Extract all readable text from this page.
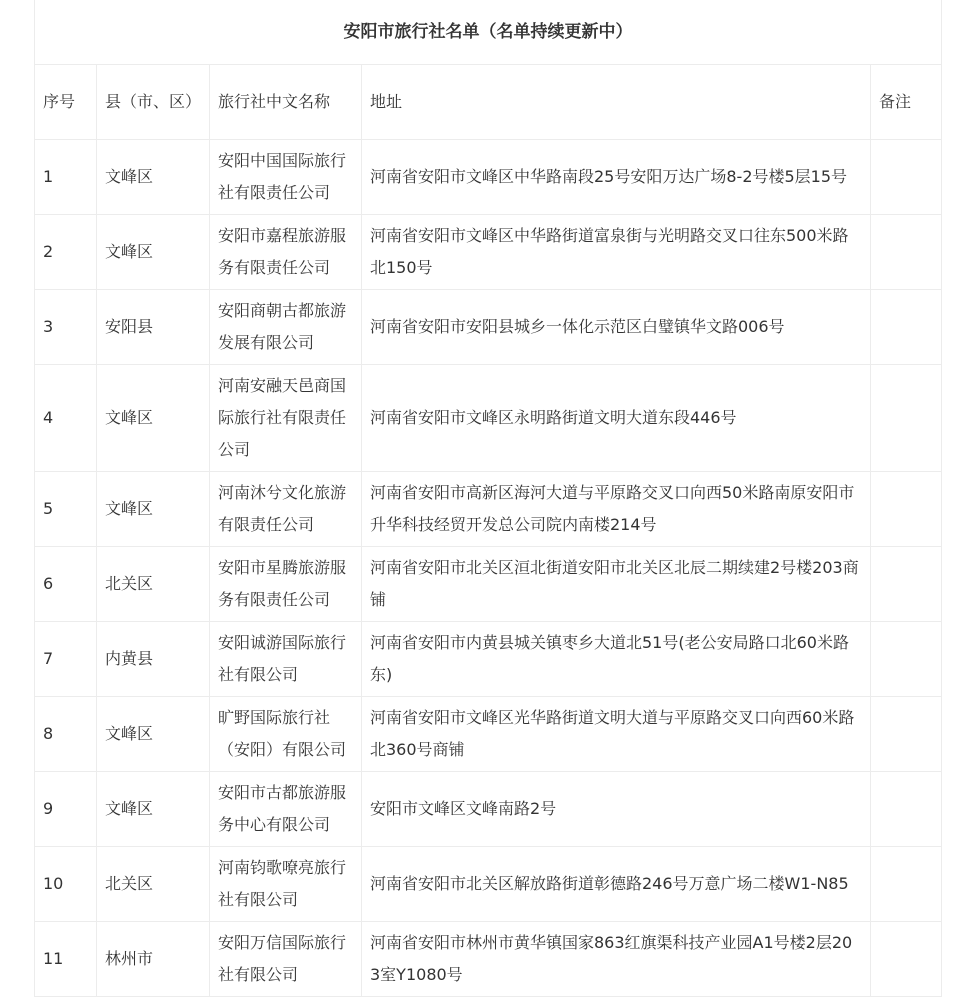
安阳市旅行社名单（名单持续更新中）				
序号	县（市、区）	旅行社中文名称	地址	备注
1	文峰区	安阳中国国际旅行社有限责任公司	河南省安阳市文峰区中华路南段25号安阳万达广场8-2号楼5层15号	
2	文峰区	安阳市嘉程旅游服务有限责任公司	河南省安阳市文峰区中华路街道富泉街与光明路交叉口往东500米路北150号	
3	安阳县	安阳商朝古都旅游发展有限公司	河南省安阳市安阳县城乡一体化示范区白璧镇华文路006号	
4	文峰区	河南安融天邑商国际旅行社有限责任公司	河南省安阳市文峰区永明路街道文明大道东段446号	
5	文峰区	河南沐兮文化旅游有限责任公司	河南省安阳市高新区海河大道与平原路交叉口向西50米路南原安阳市升华科技经贸开发总公司院内南楼214号	
6	北关区	安阳市星腾旅游服务有限责任公司	河南省安阳市北关区洹北街道安阳市北关区北辰二期续建2号楼203商铺	
7	内黄县	安阳诚游国际旅行社有限公司	河南省安阳市内黄县城关镇枣乡大道北51号(老公安局路口北60米路东)	
8	文峰区	旷野国际旅行社（安阳）有限公司	河南省安阳市文峰区光华路街道文明大道与平原路交叉口向西60米路北360号商铺	
9	文峰区	安阳市古都旅游服务中心有限公司	安阳市文峰区文峰南路2号	
10	北关区	河南钧歌嘹亮旅行社有限公司	河南省安阳市北关区解放路街道彰德路246号万意广场二楼W1-N85	
11	林州市	安阳万信国际旅行社有限公司	河南省安阳市林州市黄华镇国家863红旗渠科技产业园A1号楼2层203室Y1080号	
